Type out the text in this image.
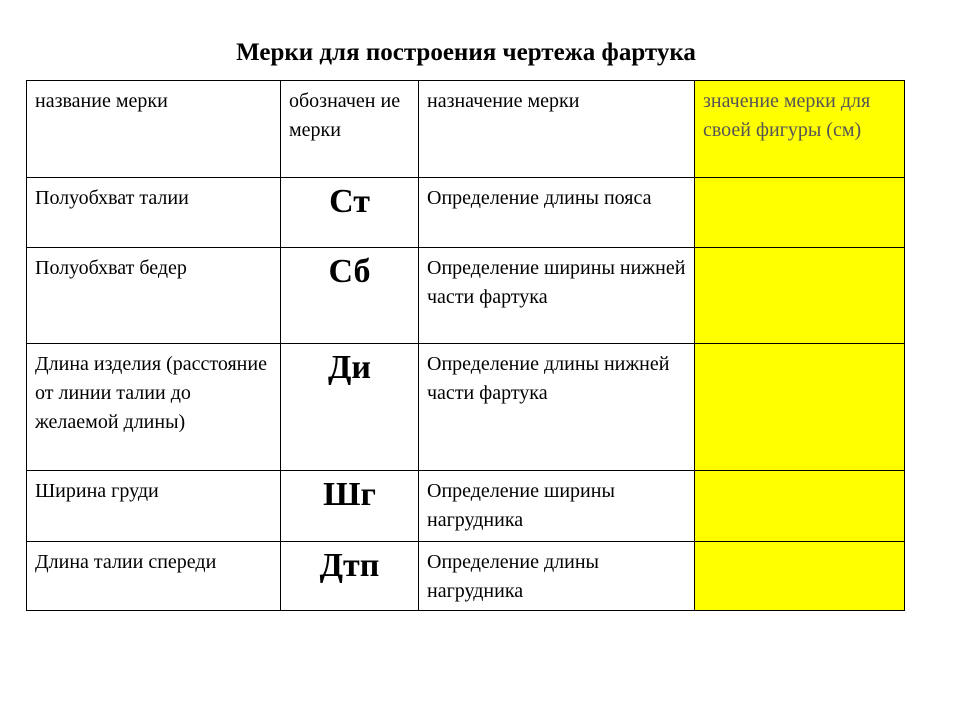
Мерки для построения чертежа фартука
название мерки	обозначен ие мерки	назначение мерки	значение мерки для своей фигуры (см)
Полуобхват талии	Ст	Определение длины пояса	
Полуобхват бедер	Сб	Определение ширины нижней части фартука	
Длина изделия (расстояние от линии талии до желаемой длины)	Ди	Определение длины нижней части фартука	
Ширина груди	Шг	Определение ширины нагрудника	
Длина талии спереди	Дтп	Определение длины нагрудника	
